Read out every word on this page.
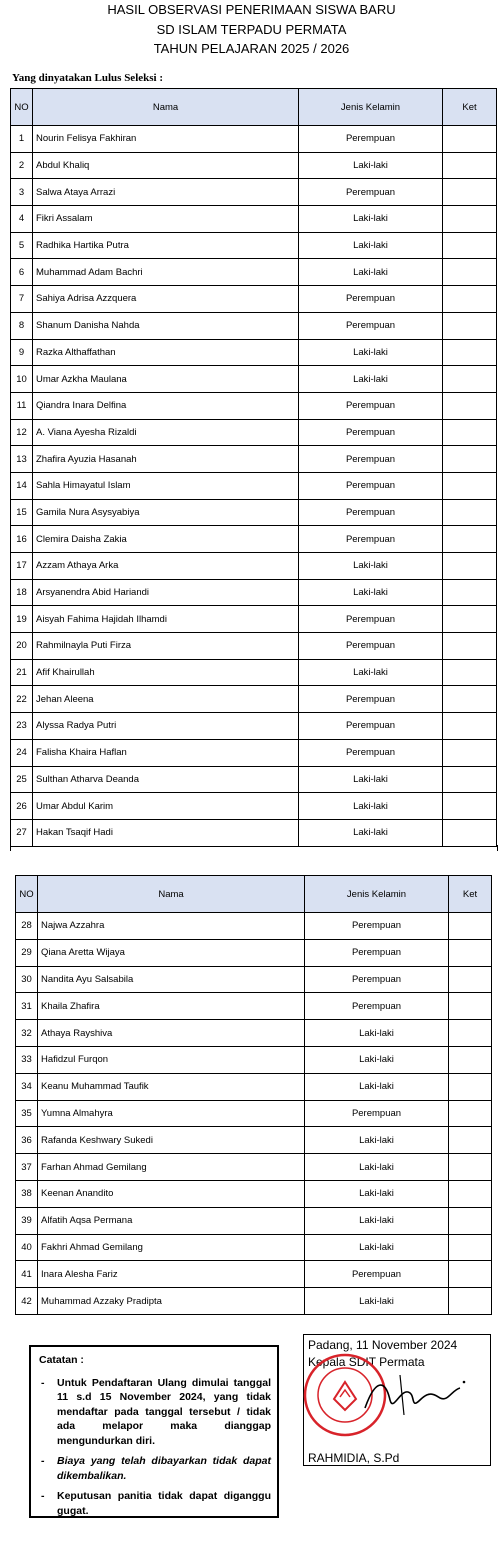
HASIL OBSERVASI PENERIMAAN SISWA BARU
SD ISLAM TERPADU PERMATA
TAHUN PELAJARAN 2025 / 2026
Yang dinyatakan Lulus Seleksi :
NO	Nama	Jenis Kelamin	Ket
1	Nourin Felisya Fakhiran	Perempuan	
2	Abdul Khaliq	Laki-laki	
3	Salwa Ataya Arrazi	Perempuan	
4	Fikri Assalam	Laki-laki	
5	Radhika Hartika Putra	Laki-laki	
6	Muhammad Adam Bachri	Laki-laki	
7	Sahiya Adrisa Azzquera	Perempuan	
8	Shanum Danisha Nahda	Perempuan	
9	Razka Althaffathan	Laki-laki	
10	Umar Azkha Maulana	Laki-laki	
11	Qiandra Inara Delfina	Perempuan	
12	A. Viana Ayesha Rizaldi	Perempuan	
13	Zhafira Ayuzia Hasanah	Perempuan	
14	Sahla Himayatul Islam	Perempuan	
15	Gamila Nura Asysyabiya	Perempuan	
16	Clemira Daisha Zakia	Perempuan	
17	Azzam Athaya Arka	Laki-laki	
18	Arsyanendra Abid Hariandi	Laki-laki	
19	Aisyah Fahima Hajidah Ilhamdi	Perempuan	
20	Rahmilnayla Puti Firza	Perempuan	
21	Afif Khairullah	Laki-laki	
22	Jehan Aleena	Perempuan	
23	Alyssa Radya Putri	Perempuan	
24	Falisha Khaira Haflan	Perempuan	
25	Sulthan Atharva Deanda	Laki-laki	
26	Umar Abdul Karim	Laki-laki	
27	Hakan Tsaqif Hadi	Laki-laki	
NO	Nama	Jenis Kelamin	Ket
28	Najwa Azzahra	Perempuan	
29	Qiana Aretta Wijaya	Perempuan	
30	Nandita Ayu Salsabila	Perempuan	
31	Khaila Zhafira	Perempuan	
32	Athaya Rayshiva	Laki-laki	
33	Hafidzul Furqon	Laki-laki	
34	Keanu Muhammad Taufik	Laki-laki	
35	Yumna Almahyra	Perempuan	
36	Rafanda Keshwary Sukedi	Laki-laki	
37	Farhan Ahmad Gemilang	Laki-laki	
38	Keenan Anandito	Laki-laki	
39	Alfatih Aqsa Permana	Laki-laki	
40	Fakhri Ahmad Gemilang	Laki-laki	
41	Inara Alesha Fariz	Perempuan	
42	Muhammad Azzaky Pradipta	Laki-laki	
Catatan :
- Untuk Pendaftaran Ulang dimulai tanggal 11 s.d 15 November 2024, yang tidak mendaftar pada tanggal tersebut / tidak ada melapor maka dianggap mengundurkan diri.
- Biaya yang telah dibayarkan tidak dapat dikembalikan.
- Keputusan panitia tidak dapat diganggu gugat.
Padang, 11 November 2024
Kepala SDIT Permata
RAHMIDIA, S.Pd
